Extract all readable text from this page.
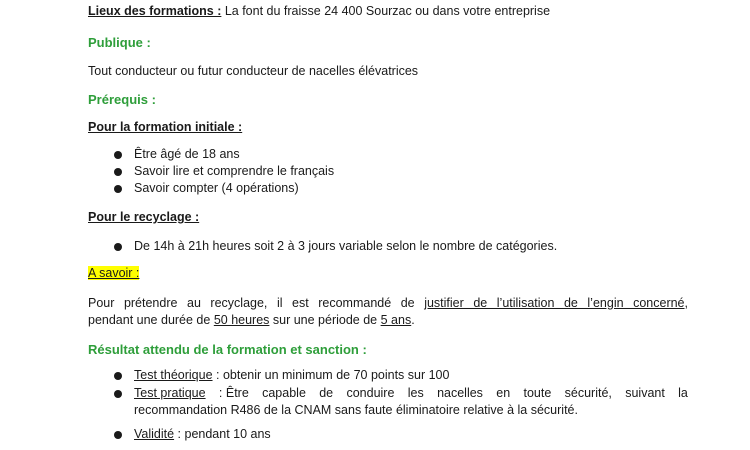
Lieux des formations : La font du fraisse 24 400 Sourzac ou dans votre entreprise
Publique :
Tout conducteur ou futur conducteur de nacelles élévatrices
Prérequis :
Pour la formation initiale :
Être âgé de 18 ans
Savoir lire et comprendre le français
Savoir compter (4 opérations)
Pour le recyclage :
De 14h à 21h heures soit 2 à 3 jours variable selon le nombre de catégories.
A savoir :
Pour prétendre au recyclage, il est recommandé de justifier de l’utilisation de l’engin concerné,
pendant une durée de 50 heures sur une période de 5 ans.
Résultat attendu de la formation et sanction :
Test théorique : obtenir un minimum de 70 points sur 100
Test pratique : Être capable de conduire les nacelles en toute sécurité, suivant la
recommandation R486 de la CNAM sans faute éliminatoire relative à la sécurité.
Validité : pendant 10 ans
